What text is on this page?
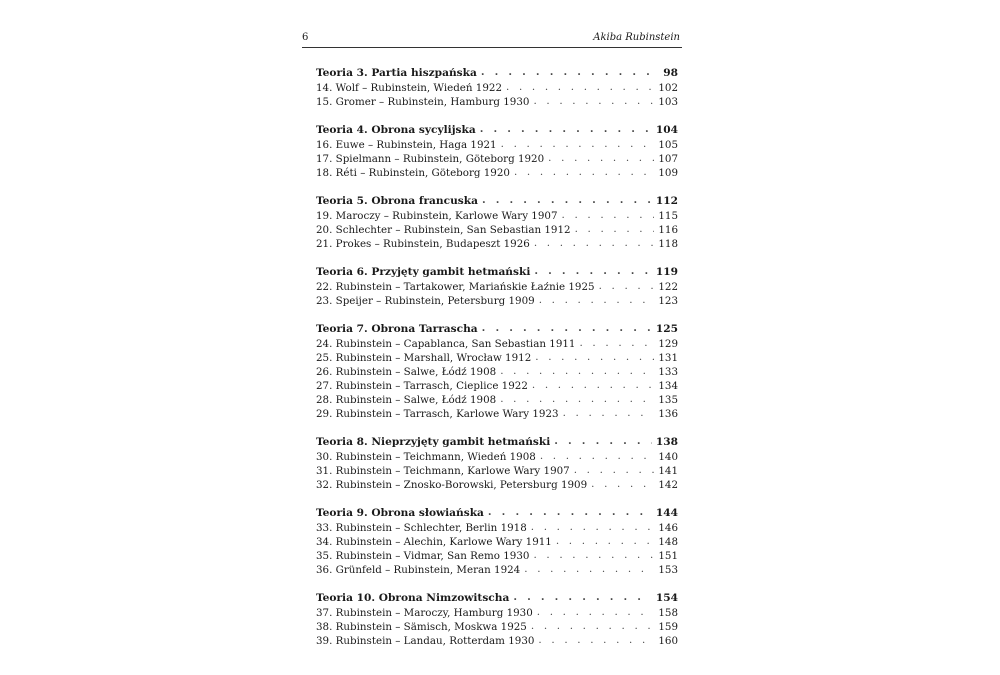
6	Akiba Rubinstein
Teoria 3. Partia hiszpańska . . .	98
14. Wolf – Rubinstein, Wiedeń 1922 . . .	102
15. Gromer – Rubinstein, Hamburg 1930 . . .	103
Teoria 4. Obrona sycylijska . . .	104
16. Euwe – Rubinstein, Haga 1921 . . .	105
17. Spielmann – Rubinstein, Göteborg 1920 . . .	107
18. Réti – Rubinstein, Göteborg 1920 . . .	109
Teoria 5. Obrona francuska . . .	112
19. Maroczy – Rubinstein, Karlowe Wary 1907 . . .	115
20. Schlechter – Rubinstein, San Sebastian 1912 . . .	116
21. Prokes – Rubinstein, Budapeszt 1926 . . .	118
Teoria 6. Przyjęty gambit hetmański . . .	119
22. Rubinstein – Tartakower, Mariańskie Łaźnie 1925 . . .	122
23. Speijer – Rubinstein, Petersburg 1909 . . .	123
Teoria 7. Obrona Tarrascha . . .	125
24. Rubinstein – Capablanca, San Sebastian 1911 . . .	129
25. Rubinstein – Marshall, Wrocław 1912 . . .	131
26. Rubinstein – Salwe, Łódź 1908 . . .	133
27. Rubinstein – Tarrasch, Cieplice 1922 . . .	134
28. Rubinstein – Salwe, Łódź 1908 . . .	135
29. Rubinstein – Tarrasch, Karlowe Wary 1923 . . .	136
Teoria 8. Nieprzyjęty gambit hetmański . . .	138
30. Rubinstein – Teichmann, Wiedeń 1908 . . .	140
31. Rubinstein – Teichmann, Karlowe Wary 1907 . . .	141
32. Rubinstein – Znosko-Borowski, Petersburg 1909 . . .	142
Teoria 9. Obrona słowiańska . . .	144
33. Rubinstein – Schlechter, Berlin 1918 . . .	146
34. Rubinstein – Alechin, Karlowe Wary 1911 . . .	148
35. Rubinstein – Vidmar, San Remo 1930 . . .	151
36. Grünfeld – Rubinstein, Meran 1924 . . .	153
Teoria 10. Obrona Nimzowitscha . . .	154
37. Rubinstein – Maroczy, Hamburg 1930 . . .	158
38. Rubinstein – Sämisch, Moskwa 1925 . . .	159
39. Rubinstein – Landau, Rotterdam 1930 . . .	160
